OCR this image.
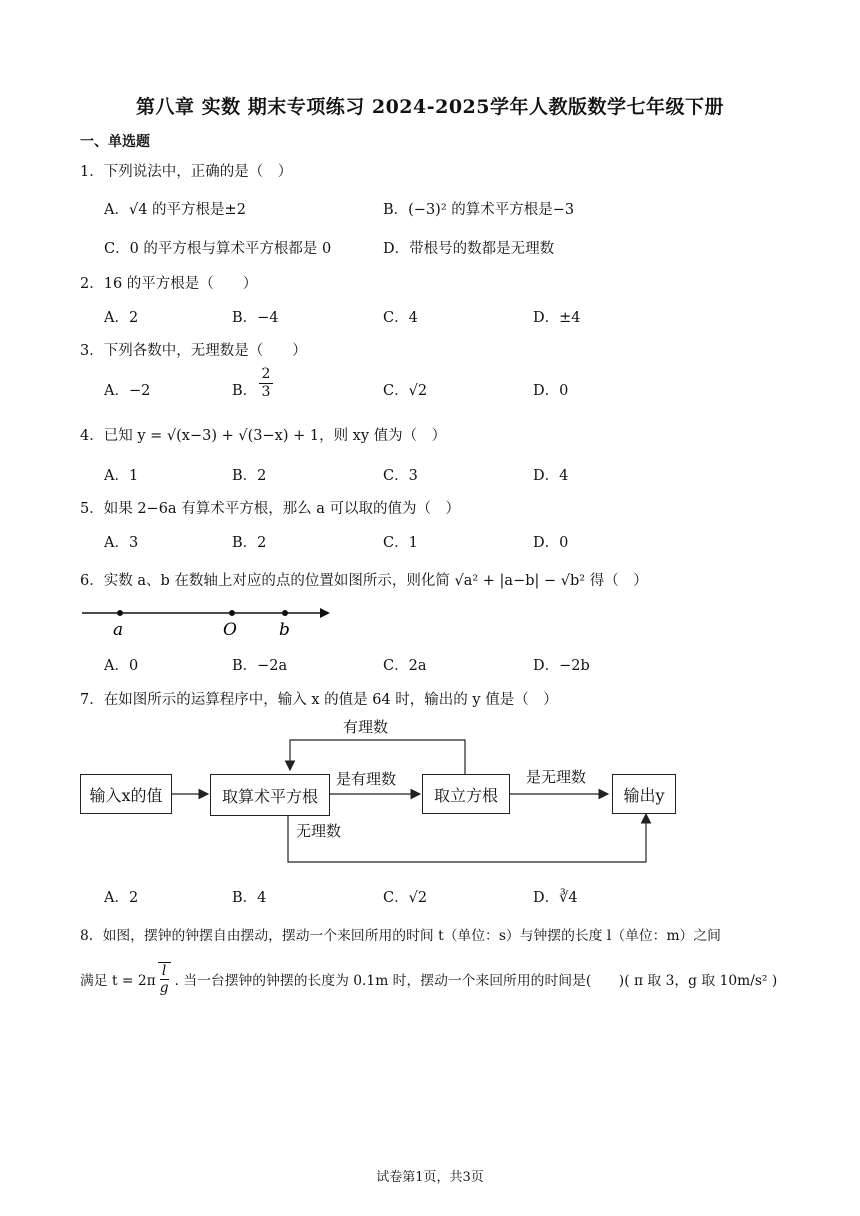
第八章 实数 期末专项练习 2024-2025学年人教版数学七年级下册
一、单选题
1．下列说法中，正确的是（　）
A．√4 的平方根是±2	B．(−3)² 的算术平方根是−3
C．0 的平方根与算术平方根都是 0	D．带根号的数都是无理数
2．16 的平方根是（　　）
A．2	B．−4	C．4	D．±4
3．下列各数中，无理数是（　　）
A．−2	B． $\frac{2}{3}$	C．√2	D．0
4．已知 y = √(x−3) + √(3−x) + 1，则 xy 值为（　）
A．1	B．2	C．3	D．4
5．如果 2−6a 有算术平方根，那么 a 可以取的值为（　）
A．3	B．2	C．1	D．0
6．实数 a、b 在数轴上对应的点的位置如图所示，则化简 √a² + |a−b| − √b² 得（　）
a	O b
A．0	B．−2a	C．2a	D．−2b
7．在如图所示的运算程序中，输入 x 的值是 64 时，输出的 y 值是（　）
输入x的值	取算术平方根	取立方根	输出y
有理数
是有理数	是无理数
无理数
A．2	B．4	C．√2	D．∛4
8．如图，摆钟的钟摆自由摆动，摆动一个来回所用的时间 t（单位：s）与钟摆的长度 l（单位：m）之间
满足 $t = 2\pi \frac{l}{g}$ . 当一台摆钟的钟摆的长度为 0.1m 时，摆动一个来回所用的时间是(　　)( π 取 3，g 取 10m/s² )
试卷第1页，共3页
